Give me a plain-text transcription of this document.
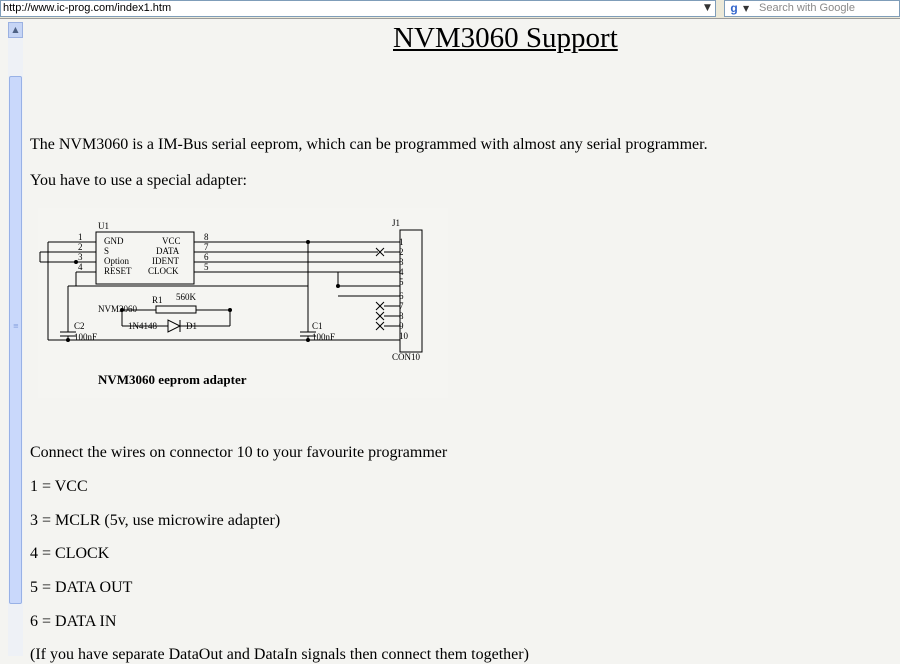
http://www.ic-prog.com/index1.htm	▼	g ▼ Search with Google
▲
≡
NVM3060 Support

The NVM3060 is a IM-Bus serial eeprom, which can be programmed with almost any serial programmer.

You have to use a special adapter:

U1
NVM3060
GND
S
Option
RESET
VCC
DATA
IDENT
CLOCK
1
2
3
4
8
7
6
5
R1 560K
1N4148	D1
C2
100nF
C1
100nF
J1
CON10
1
2
3
4
5
6
7
8
9
10
NVM3060 eeprom adapter

Connect the wires on connector 10 to your favourite programmer

1 = VCC

3 = MCLR (5v, use microwire adapter)

4 = CLOCK

5 = DATA OUT

6 = DATA IN

(If you have separate DataOut and DataIn signals then connect them together)
